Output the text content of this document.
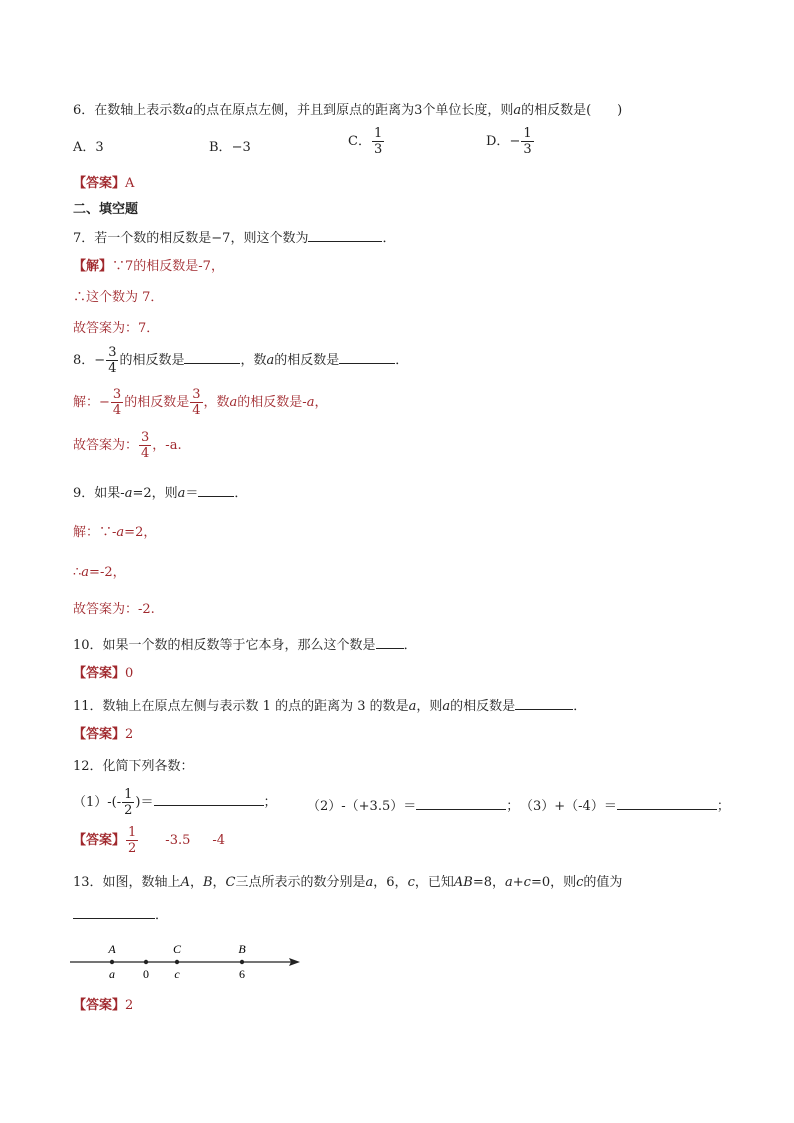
6．在数轴上表示数a的点在原点左侧，并且到原点的距离为3个单位长度，则a的相反数是(　　)
A．3	B．−3	C． $\frac{1}{3}$	D．− $\frac{1}{3}$
【答案】A
二、填空题
7．若一个数的相反数是−7，则这个数为	．
【解】∵7的相反数是-7，
∴这个数为 7．
故答案为：7．
8．− $\frac{3}{4}$ 的相反数是	，数a的相反数是	．
解：− $\frac{3}{4}$ 的相反数是 $\frac{3}{4}$ ，数a的相反数是-a，
故答案为： $\frac{3}{4}$ ，-a.
9．如果-a=2，则a＝	．
解：∵-a=2，
∴a=-2，
故答案为：-2.
10．如果一个数的相反数等于它本身，那么这个数是 ．
【答案】0
11．数轴上在原点左侧与表示数 1 的点的距离为 3 的数是a，则a的相反数是	．
【答案】2
12．化简下列各数：
$(1)-(- \frac{1}{2}$ )＝	； （2）-（+3.5）＝	； （3）+（-4）＝	；
【答案】 $\frac{1}{2} -3.5$ -4
13．如图，数轴上A，B，C三点所表示的数分别是a，6，c，已知AB=8，a+c=0，则c的值为
．
A	C	B
a 0 c	6
【答案】2
